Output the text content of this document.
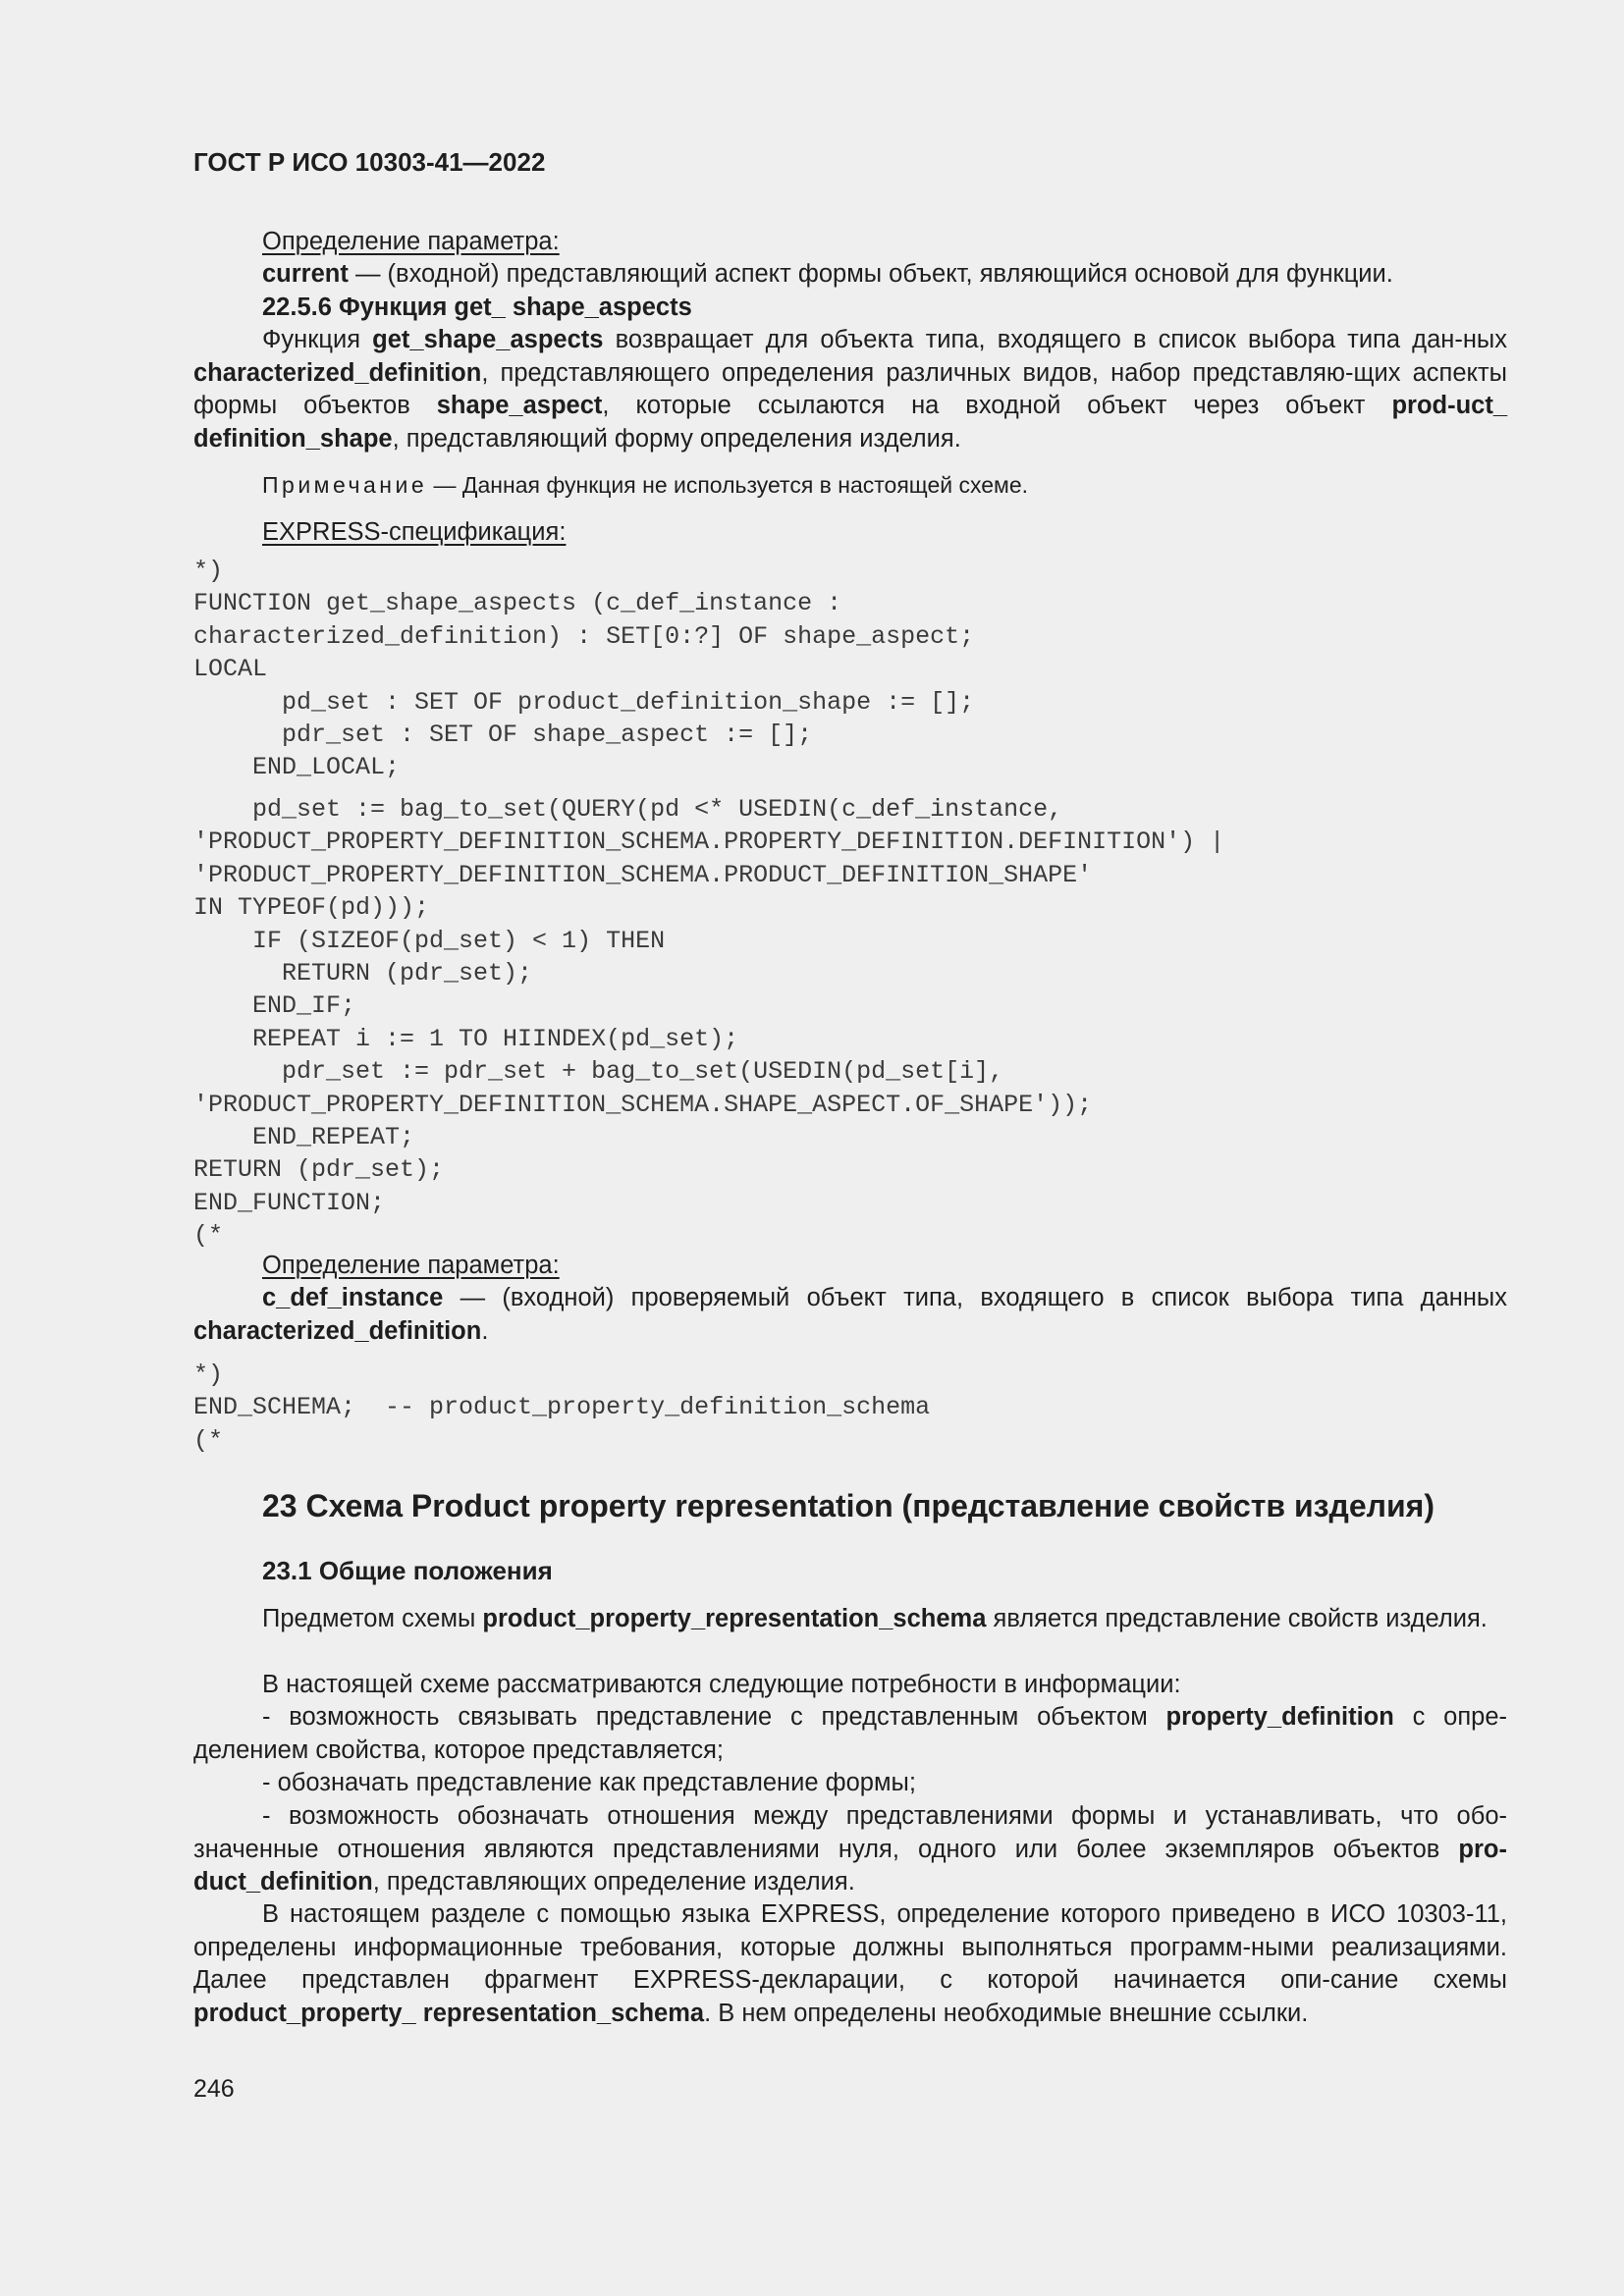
ГОСТ Р ИСО 10303-41—2022
Определение параметра:
current — (входной) представляющий аспект формы объект, являющийся основой для функции.
22.5.6 Функция get_ shape_aspects
Функция get_shape_aspects возвращает для объекта типа, входящего в список выбора типа дан-ных characterized_definition, представляющего определения различных видов, набор представляю-щих аспекты формы объектов shape_aspect, которые ссылаются на входной объект через объект prod-uct_ definition_shape, представляющий форму определения изделия.
Примечание — Данная функция не используется в настоящей схеме.
EXPRESS-спецификация:
*)
FUNCTION get_shape_aspects (c_def_instance :
characterized_definition) : SET[0:?] OF shape_aspect;
LOCAL
pd_set : SET OF product_definition_shape := [];
pdr_set : SET OF shape_aspect := [];
END_LOCAL;
pd_set := bag_to_set(QUERY(pd <* USEDIN(c_def_instance,
'PRODUCT_PROPERTY_DEFINITION_SCHEMA.PROPERTY_DEFINITION.DEFINITION') |
'PRODUCT_PROPERTY_DEFINITION_SCHEMA.PRODUCT_DEFINITION_SHAPE'
IN TYPEOF(pd)));
IF (SIZEOF(pd_set) < 1) THEN
RETURN (pdr_set);
END_IF;
REPEAT i := 1 TO HIINDEX(pd_set);
pdr_set := pdr_set + bag_to_set(USEDIN(pd_set[i],
'PRODUCT_PROPERTY_DEFINITION_SCHEMA.SHAPE_ASPECT.OF_SHAPE'));
END_REPEAT;
RETURN (pdr_set);
END_FUNCTION;
(*
Определение параметра:
c_def_instance — (входной) проверяемый объект типа, входящего в список выбора типа данных characterized_definition.
*)
END_SCHEMA;  -- product_property_definition_schema
(*
23 Схема Product property representation (представление свойств изделия)
23.1 Общие положения
Предметом схемы product_property_representation_schema является представление свойств изделия.
В настоящей схеме рассматриваются следующие потребности в информации:
- возможность связывать представление с представленным объектом property_definition с опре-делением свойства, которое представляется;
- обозначать представление как представление формы;
- возможность обозначать отношения между представлениями формы и устанавливать, что обо-значенные отношения являются представлениями нуля, одного или более экземпляров объектов pro-duct_definition, представляющих определение изделия.
В настоящем разделе с помощью языка EXPRESS, определение которого приведено в ИСО 10303-11, определены информационные требования, которые должны выполняться программ-ными реализациями. Далее представлен фрагмент EXPRESS-декларации, с которой начинается опи-сание схемы product_property_ representation_schema. В нем определены необходимые внешние ссылки.
246
